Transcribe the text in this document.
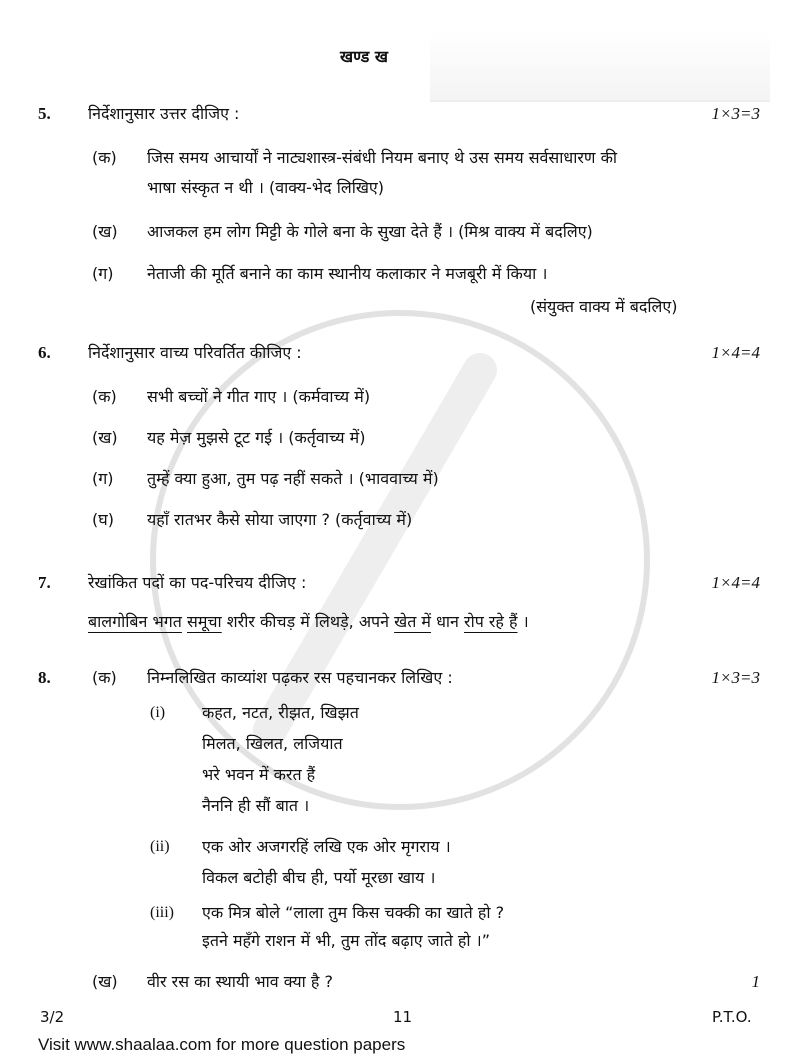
खण्ड ख
5. निर्देशानुसार उत्तर दीजिए :	1×3=3
(क) जिस समय आचार्यों ने नाट्यशास्त्र-संबंधी नियम बनाए थे उस समय सर्वसाधारण की
भाषा संस्कृत न थी । (वाक्य-भेद लिखिए)
(ख) आजकल हम लोग मिट्टी के गोले बना के सुखा देते हैं । (मिश्र वाक्य में बदलिए)
(ग) नेताजी की मूर्ति बनाने का काम स्थानीय कलाकार ने मजबूरी में किया ।
(संयुक्त वाक्य में बदलिए)
6. निर्देशानुसार वाच्य परिवर्तित कीजिए :	1×4=4
(क) सभी बच्चों ने गीत गाए । (कर्मवाच्य में)
(ख) यह मेज़ मुझसे टूट गई । (कर्तृवाच्य में)
(ग) तुम्हें क्या हुआ, तुम पढ़ नहीं सकते । (भाववाच्य में)
(घ) यहाँ रातभर कैसे सोया जाएगा ? (कर्तृवाच्य में)
7. रेखांकित पदों का पद-परिचय दीजिए :	1×4=4
बालगोबिन भगत समूचा शरीर कीचड़ में लिथड़े, अपने खेत में धान रोप रहे हैं ।
8.	(क) निम्नलिखित काव्यांश पढ़कर रस पहचानकर लिखिए :	1×3=3
(i) कहत, नटत, रीझत, खिझत
मिलत, खिलत, लजियात
भरे भवन में करत हैं
नैननि ही सौं बात ।
(ii) एक ओर अजगरहिं लखि एक ओर मृगराय ।
विकल बटोही बीच ही, पर्यो मूरछा खाय ।
(iii) एक मित्र बोले “लाला तुम किस चक्की का खाते हो ?
इतने महँगे राशन में भी, तुम तोंद बढ़ाए जाते हो ।”
(ख) वीर रस का स्थायी भाव क्या है ?	1
3/2	11	P.T.O.
Visit www.shaalaa.com for more question papers
